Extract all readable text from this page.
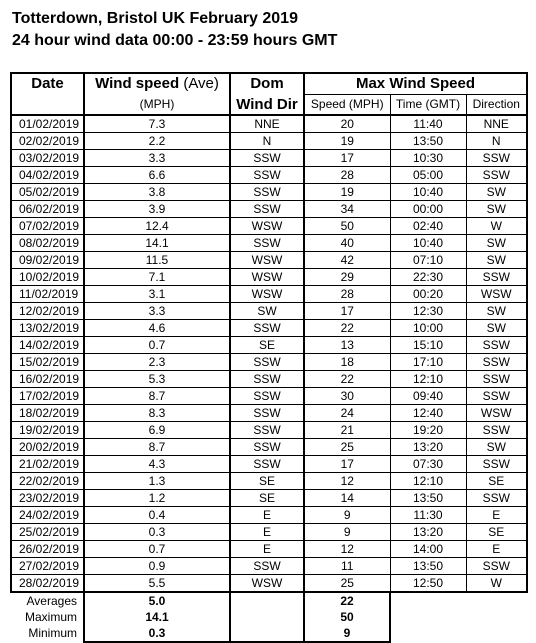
Totterdown, Bristol UK February 2019
24 hour wind data 00:00 - 23:59 hours GMT
Date	Wind speed (Ave)	Dom	Max Wind Speed		
	(MPH)	Wind Dir	Speed (MPH)	Time (GMT)	Direction
01/02/2019	7.3	NNE	20	11:40	NNE
02/02/2019	2.2	N	19	13:50	N
03/02/2019	3.3	SSW	17	10:30	SSW
04/02/2019	6.6	SSW	28	05:00	SSW
05/02/2019	3.8	SSW	19	10:40	SW
06/02/2019	3.9	SSW	34	00:00	SW
07/02/2019	12.4	WSW	50	02:40	W
08/02/2019	14.1	SSW	40	10:40	SW
09/02/2019	11.5	WSW	42	07:10	SW
10/02/2019	7.1	WSW	29	22:30	SSW
11/02/2019	3.1	WSW	28	00:20	WSW
12/02/2019	3.3	SW	17	12:30	SW
13/02/2019	4.6	SSW	22	10:00	SW
14/02/2019	0.7	SE	13	15:10	SSW
15/02/2019	2.3	SSW	18	17:10	SSW
16/02/2019	5.3	SSW	22	12:10	SSW
17/02/2019	8.7	SSW	30	09:40	SSW
18/02/2019	8.3	SSW	24	12:40	WSW
19/02/2019	6.9	SSW	21	19:20	SSW
20/02/2019	8.7	SSW	25	13:20	SW
21/02/2019	4.3	SSW	17	07:30	SSW
22/02/2019	1.3	SE	12	12:10	SE
23/02/2019	1.2	SE	14	13:50	SSW
24/02/2019	0.4	E	9	11:30	E
25/02/2019	0.3	E	9	13:20	SE
26/02/2019	0.7	E	12	14:00	E
27/02/2019	0.9	SSW	11	13:50	SSW
28/02/2019	5.5	WSW	25	12:50	W
Averages	5.0		22		
Maximum	14.1		50		
Minimum	0.3		9		
